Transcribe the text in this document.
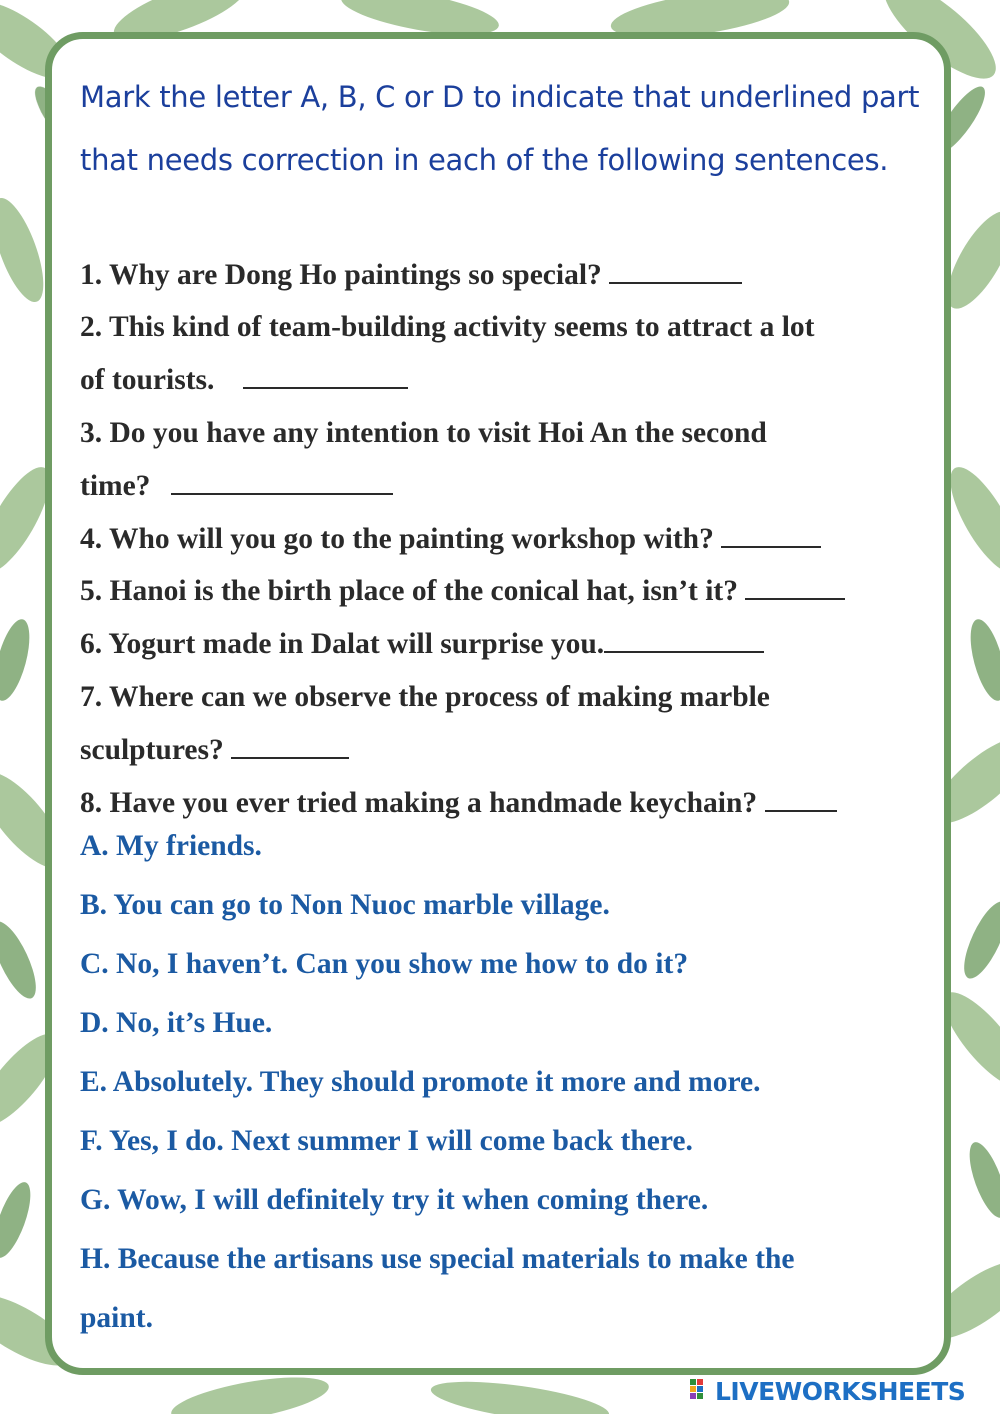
Mark the letter A, B, C or D to indicate that underlined part that needs correction in each of the following sentences.

1. Why are Dong Ho paintings so special?
2. This kind of team-building activity seems to attract a lot
of tourists.
3. Do you have any intention to visit Hoi An the second
time?
4. Who will you go to the painting workshop with?
5. Hanoi is the birth place of the conical hat, isn’t it?
6. Yogurt made in Dalat will surprise you.
7. Where can we observe the process of making marble
sculptures?
8. Have you ever tried making a handmade keychain?
A. My friends.
B. You can go to Non Nuoc marble village.
C. No, I haven’t. Can you show me how to do it?
D. No, it’s Hue.
E. Absolutely. They should promote it more and more.
F. Yes, I do. Next summer I will come back there.
G. Wow, I will definitely try it when coming there.
H. Because the artisans use special materials to make the
paint.
LIVEWORKSHEETS
